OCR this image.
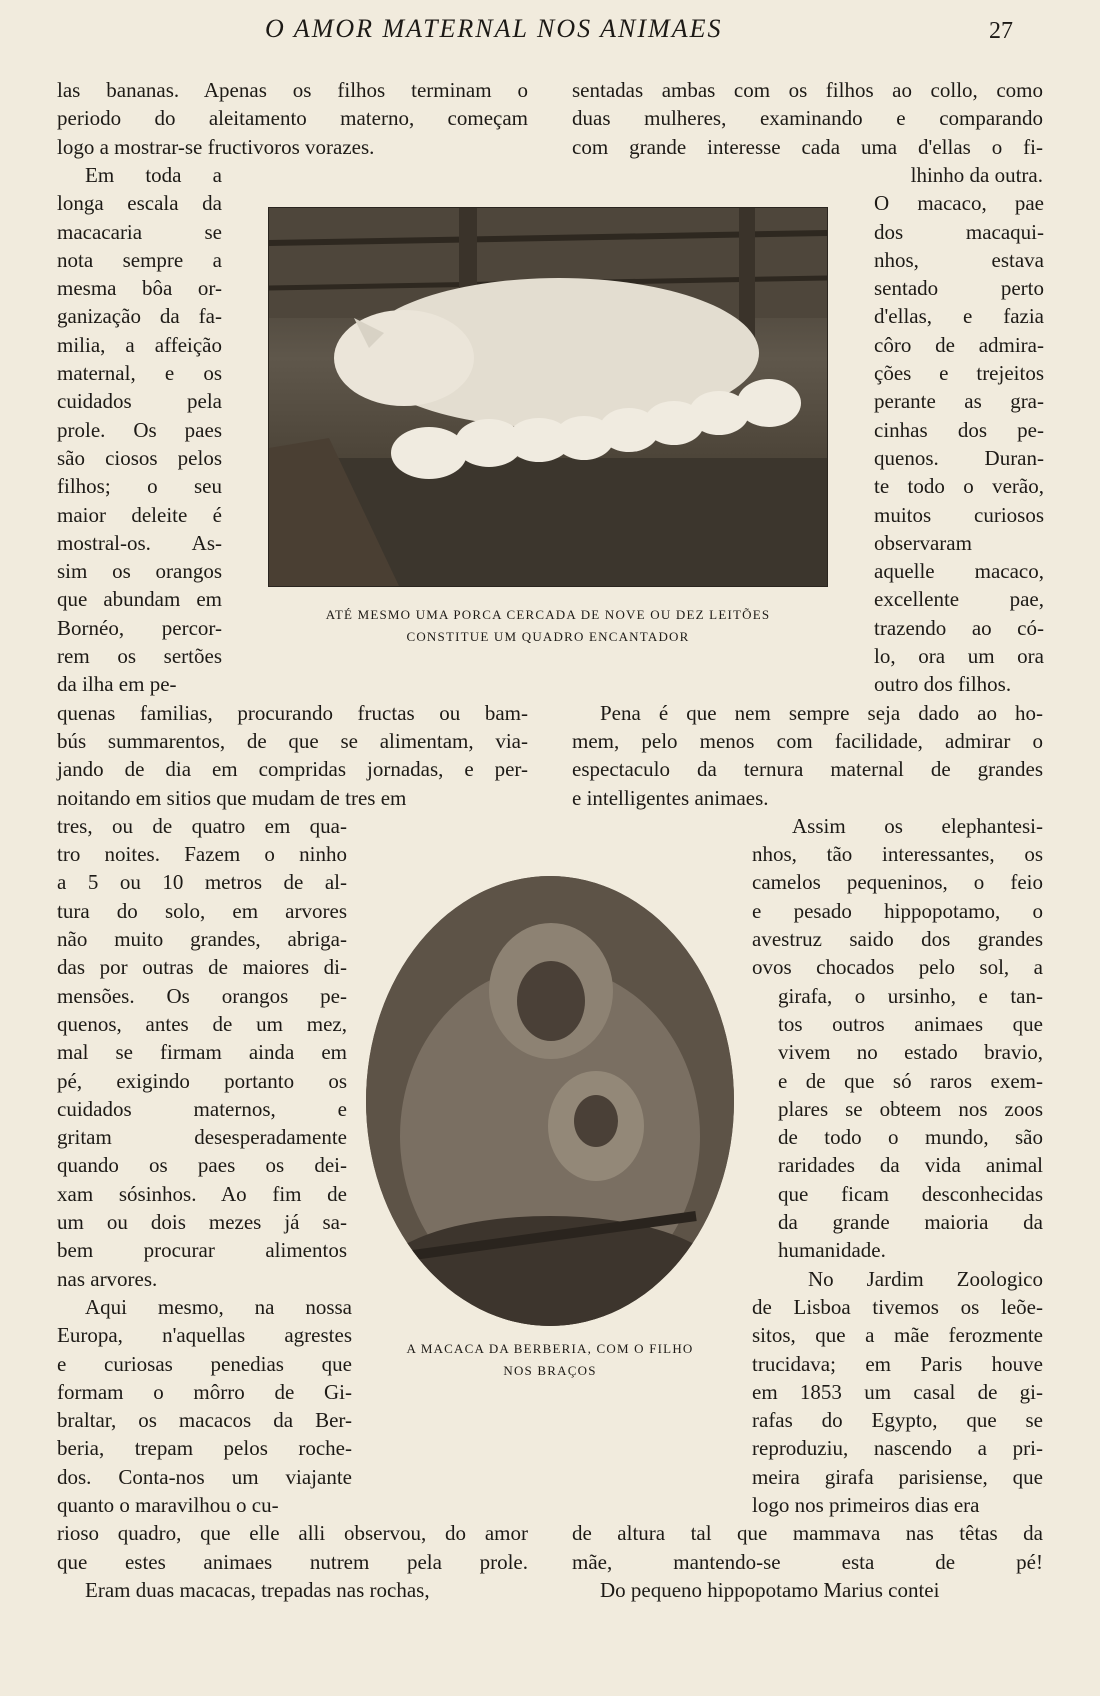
O AMOR MATERNAL NOS ANIMAES	27
ATÉ MESMO UMA PORCA CERCADA DE NOVE OU DEZ LEITÕES
CONSTITUE UM QUADRO ENCANTADOR
A MACACA DA BERBERIA, COM O FILHO
NOS BRAÇOS
las bananas. Apenas os filhos terminam o
periodo do aleitamento materno, começam
logo a mostrar-se fructivoros vorazes.
Em toda a
longa escala da
macacaria se
nota sempre a
mesma bôa or-
ganização da fa-
milia, a affeição
maternal, e os
cuidados pela
prole. Os paes
são ciosos pelos
filhos; o seu
maior deleite é
mostral-os. As-
sim os orangos
que abundam em
Bornéo, percor-
rem os sertões
da ilha em pe-
quenas familias, procurando fructas ou bam-
bús summarentos, de que se alimentam, via-
jando de dia em compridas jornadas, e per-
noitando em sitios que mudam de tres em
tres, ou de quatro em qua-
tro noites. Fazem o ninho
a 5 ou 10 metros de al-
tura do solo, em arvores
não muito grandes, abriga-
das por outras de maiores di-
mensões. Os orangos pe-
quenos, antes de um mez,
mal se firmam ainda em
pé, exigindo portanto os
cuidados maternos, e
gritam desesperadamente
quando os paes os dei-
xam sósinhos. Ao fim de
um ou dois mezes já sa-
bem procurar alimentos
nas arvores.
Aqui mesmo, na nossa
Europa, n'aquellas agrestes
e curiosas penedias que
formam o môrro de Gi-
braltar, os macacos da Ber-
beria, trepam pelos roche-
dos. Conta-nos um viajante
quanto o maravilhou o cu-
rioso quadro, que elle alli observou, do amor
que estes animaes nutrem pela prole.
Eram duas macacas, trepadas nas rochas,
sentadas ambas com os filhos ao collo, como
duas mulheres, examinando e comparando
com grande interesse cada uma d'ellas o fi-
lhinho da outra.
O macaco, pae
dos macaqui-
nhos, estava
sentado perto
d'ellas, e fazia
côro de admira-
ções e trejeitos
perante as gra-
cinhas dos pe-
quenos. Duran-
te todo o verão,
muitos curiosos
observaram
aquelle macaco,
excellente pae,
trazendo ao có-
lo, ora um ora
outro dos filhos.
Pena é que nem sempre seja dado ao ho-
mem, pelo menos com facilidade, admirar o
espectaculo da ternura maternal de grandes
e intelligentes animaes.
Assim os elephantesi-
nhos, tão interessantes, os
camelos pequeninos, o feio
e pesado hippopotamo, o
avestruz saido dos grandes
ovos chocados pelo sol, a
girafa, o ursinho, e tan-
tos outros animaes que
vivem no estado bravio,
e de que só raros exem-
plares se obteem nos zoos
de todo o mundo, são
raridades da vida animal
que ficam desconhecidas
da grande maioria da
humanidade.
No Jardim Zoologico
de Lisboa tivemos os leõe-
sitos, que a mãe ferozmente
trucidava; em Paris houve
em 1853 um casal de gi-
rafas do Egypto, que se
reproduziu, nascendo a pri-
meira girafa parisiense, que
logo nos primeiros dias era
de altura tal que mammava nas têtas da
mãe, mantendo-se esta de pé!
Do pequeno hippopotamo Marius contei
